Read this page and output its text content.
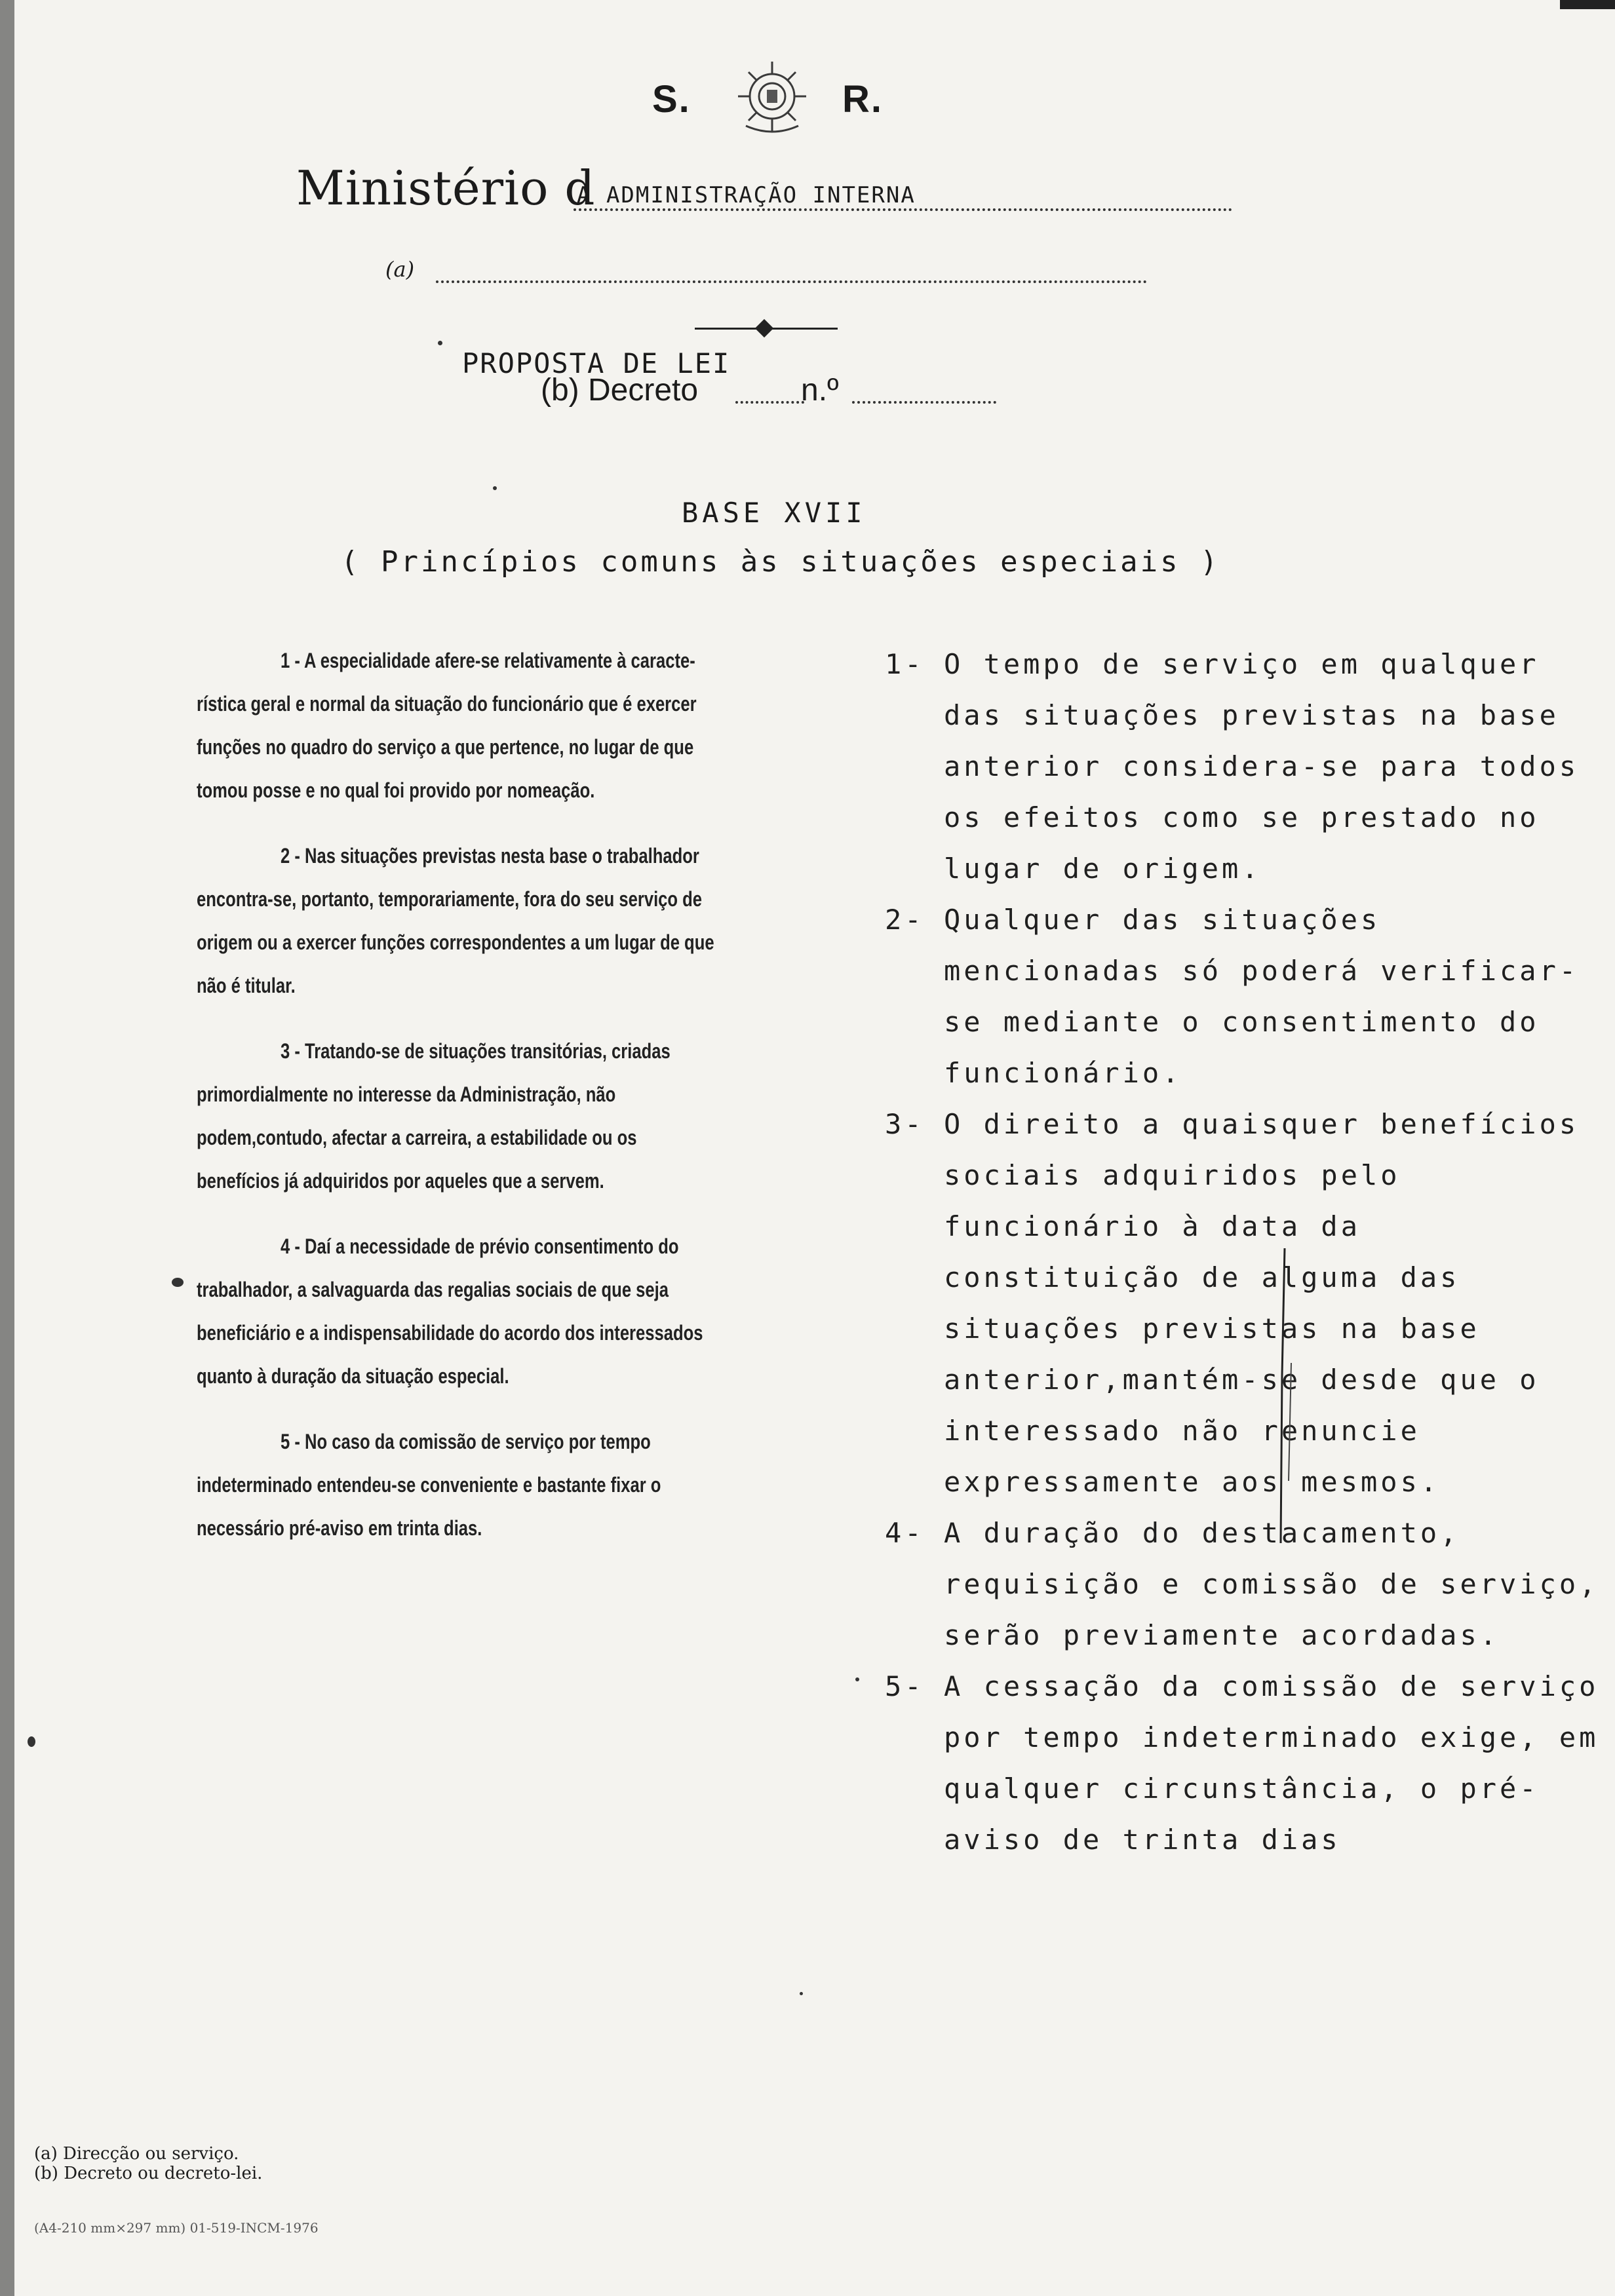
S.	R.
Ministério d
A ADMINISTRAÇÃO INTERNA
(a)
PROPOSTA DE LEI
(b) Decreto	n.º
BASE XVII
( Princípios comuns às situações especiais )

1 - A especialidade afere-se relativamente à caracte-rística geral e normal da situação do funcionário que é exercer funções no quadro do serviço a que pertence, no lugar de que tomou posse e no qual foi provido por nomeação.

2 - Nas situações previstas nesta base o trabalhador encontra-se, portanto, temporariamente, fora do seu serviço de origem ou a exercer funções correspondentes a um lugar de que não é titular.

3 - Tratando-se de situações transitórias, criadas primordialmente no interesse da Administração, não podem,contudo, afectar a carreira, a estabilidade ou os benefícios já adquiridos por aqueles que a servem.

4 - Daí a necessidade de prévio consentimento do trabalhador, a salvaguarda das regalias sociais de que seja beneficiário e a indispensabilidade do acordo dos interessados quanto à duração da situação especial.

5 - No caso da comissão de serviço por tempo indeterminado entendeu-se conveniente e bastante fixar o necessário pré-aviso em trinta dias.

1- O tempo de serviço em qualquer das situações previstas na base anterior considera-se para todos os efeitos como se prestado no lugar de origem.
2- Qualquer das situações mencionadas só poderá verificar-se mediante o consentimento do funcionário.
3- O direito a quaisquer benefícios sociais adquiridos pelo funcionário à data da constituição de alguma das situações previstas na base anterior,mantém-se desde que o interessado não renuncie expressamente aos mesmos.
4- A duração do destacamento, requisição e comissão de serviço, serão previamente acordadas.
5- A cessação da comissão de serviço por tempo indeterminado exige, em qualquer circunstância, o pré-aviso de trinta dias
(a) Direcção ou serviço.
(b) Decreto ou decreto-lei.
(A4-210 mm×297 mm) 01-519-INCM-1976
